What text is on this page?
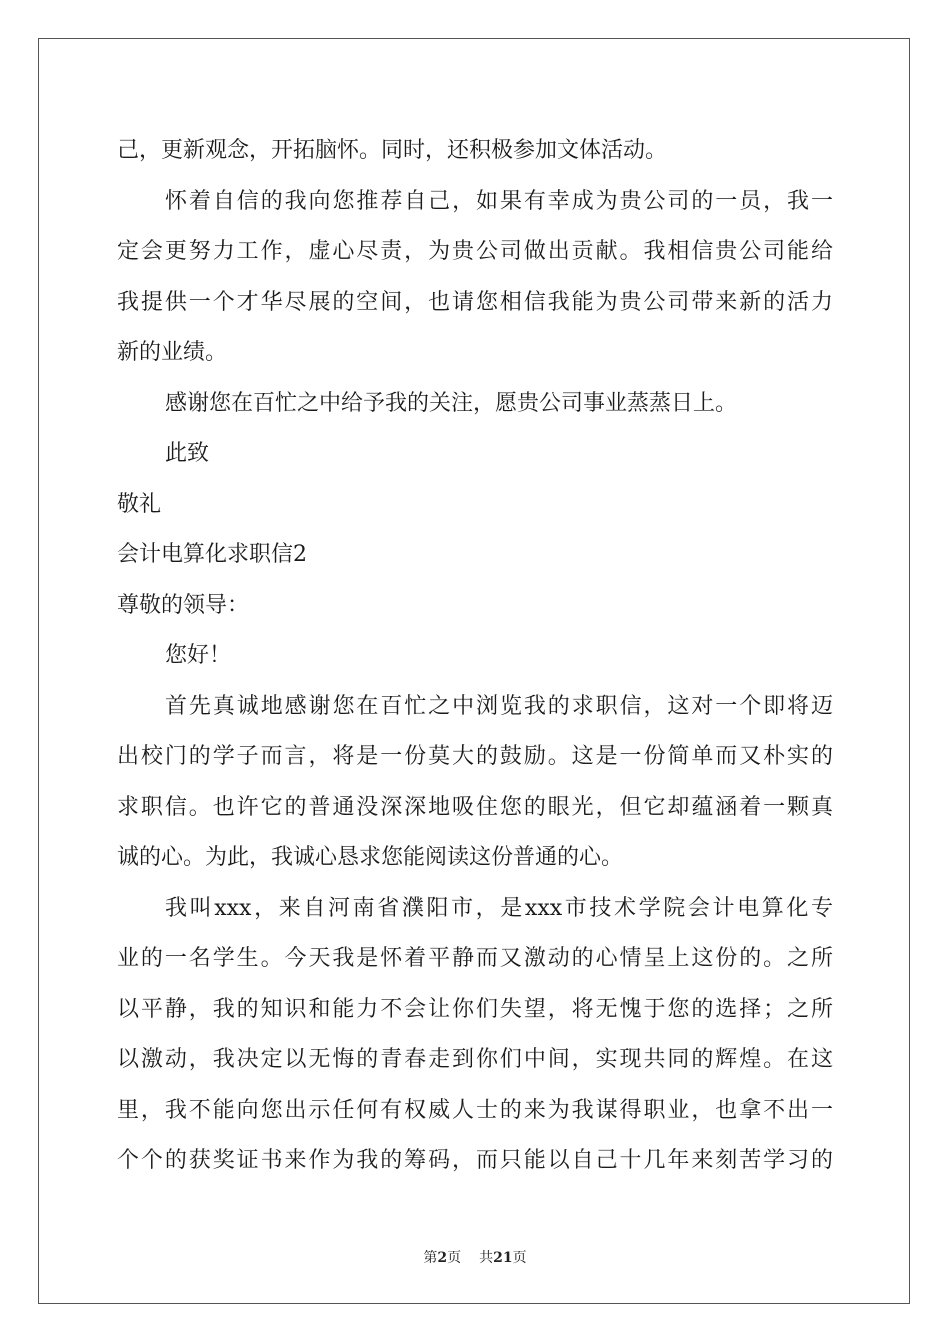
己，更新观念，开拓脑怀。同时，还积极参加文体活动。
怀着自信的我向您推荐自己，如果有幸成为贵公司的一员，我一
定会更努力工作，虚心尽责，为贵公司做出贡献。我相信贵公司能给
我提供一个才华尽展的空间，也请您相信我能为贵公司带来新的活力
新的业绩。
感谢您在百忙之中给予我的关注，愿贵公司事业蒸蒸日上。
此致
敬礼
会计电算化求职信2
尊敬的领导：
您好！
首先真诚地感谢您在百忙之中浏览我的求职信，这对一个即将迈
出校门的学子而言，将是一份莫大的鼓励。这是一份简单而又朴实的
求职信。也许它的普通没深深地吸住您的眼光，但它却蕴涵着一颗真
诚的心。为此，我诚心恳求您能阅读这份普通的心。
我叫xxx，来自河南省濮阳市，是xxx市技术学院会计电算化专
业的一名学生。今天我是怀着平静而又激动的心情呈上这份的。之所
以平静，我的知识和能力不会让你们失望，将无愧于您的选择；之所
以激动，我决定以无悔的青春走到你们中间，实现共同的辉煌。在这
里，我不能向您出示任何有权威人士的来为我谋得职业，也拿不出一
个个的获奖证书来作为我的筹码，而只能以自己十几年来刻苦学习的
第2页 共21页
